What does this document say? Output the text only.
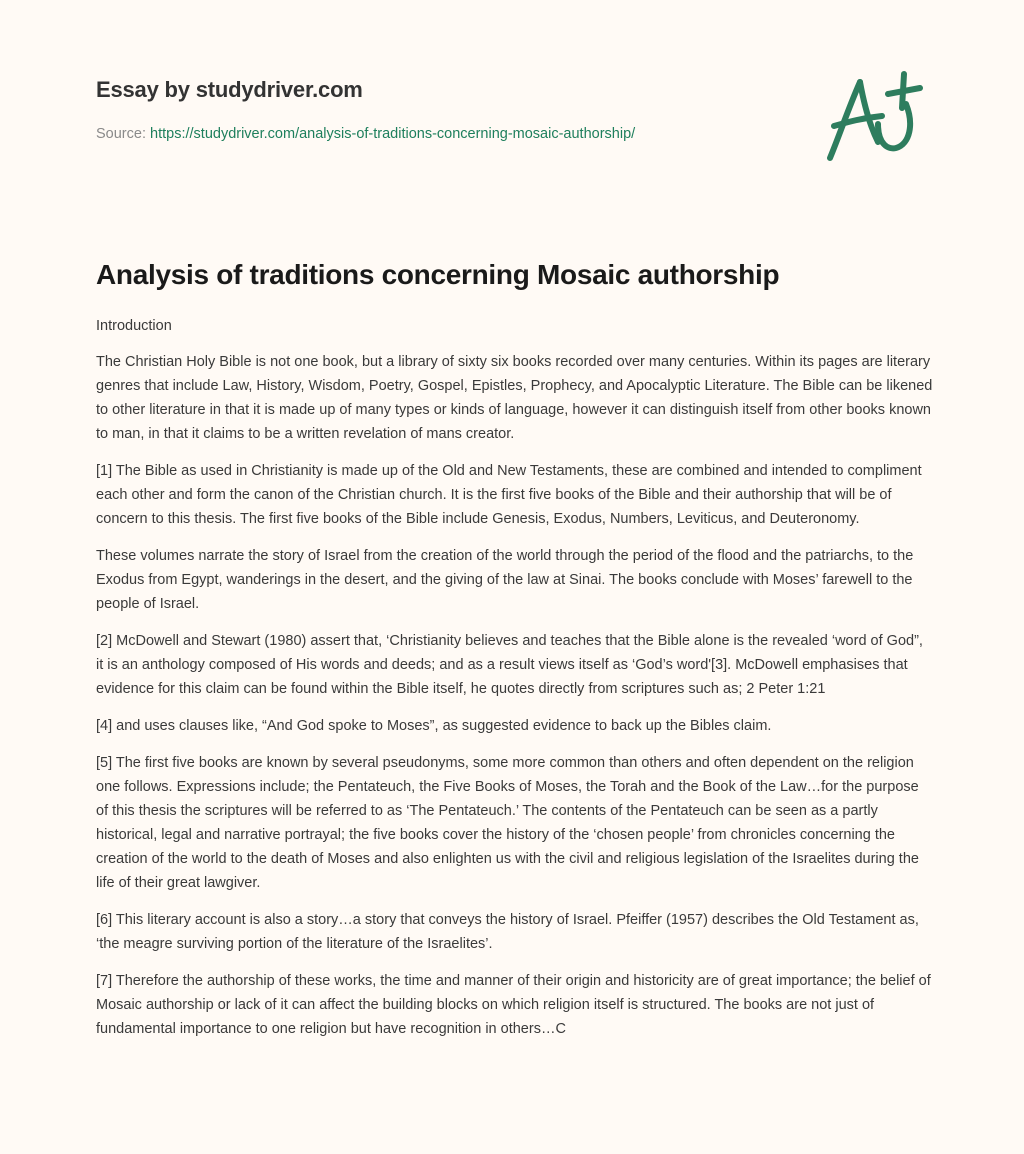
Essay by studydriver.com
Source: https://studydriver.com/analysis-of-traditions-concerning-mosaic-authorship/
Analysis of traditions concerning Mosaic authorship
Introduction

The Christian Holy Bible is not one book, but a library of sixty six books recorded over many centuries. Within its pages are literary genres that include Law, History, Wisdom, Poetry, Gospel, Epistles, Prophecy, and Apocalyptic Literature. The Bible can be likened to other literature in that it is made up of many types or kinds of language, however it can distinguish itself from other books known to man, in that it claims to be a written revelation of mans creator.

[1] The Bible as used in Christianity is made up of the Old and New Testaments, these are combined and intended to compliment each other and form the canon of the Christian church. It is the first five books of the Bible and their authorship that will be of concern to this thesis. The first five books of the Bible include Genesis, Exodus, Numbers, Leviticus, and Deuteronomy.

These volumes narrate the story of Israel from the creation of the world through the period of the flood and the patriarchs, to the Exodus from Egypt, wanderings in the desert, and the giving of the law at Sinai. The books conclude with Moses’ farewell to the people of Israel.

[2] McDowell and Stewart (1980) assert that, ‘Christianity believes and teaches that the Bible alone is the revealed ‘word of God”, it is an anthology composed of His words and deeds; and as a result views itself as ‘God’s word'[3]. McDowell emphasises that evidence for this claim can be found within the Bible itself, he quotes directly from scriptures such as; 2 Peter 1:21

[4] and uses clauses like, “And God spoke to Moses”, as suggested evidence to back up the Bibles claim.

[5] The first five books are known by several pseudonyms, some more common than others and often dependent on the religion one follows. Expressions include; the Pentateuch, the Five Books of Moses, the Torah and the Book of the Law…for the purpose of this thesis the scriptures will be referred to as ‘The Pentateuch.’ The contents of the Pentateuch can be seen as a partly historical, legal and narrative portrayal; the five books cover the history of the ‘chosen people’ from chronicles concerning the creation of the world to the death of Moses and also enlighten us with the civil and religious legislation of the Israelites during the life of their great lawgiver.

[6] This literary account is also a story…a story that conveys the history of Israel. Pfeiffer (1957) describes the Old Testament as, ‘the meagre surviving portion of the literature of the Israelites’.

[7] Therefore the authorship of these works, the time and manner of their origin and historicity are of great importance; the belief of Mosaic authorship or lack of it can affect the building blocks on which religion itself is structured. The books are not just of fundamental importance to one religion but have recognition in others…C
